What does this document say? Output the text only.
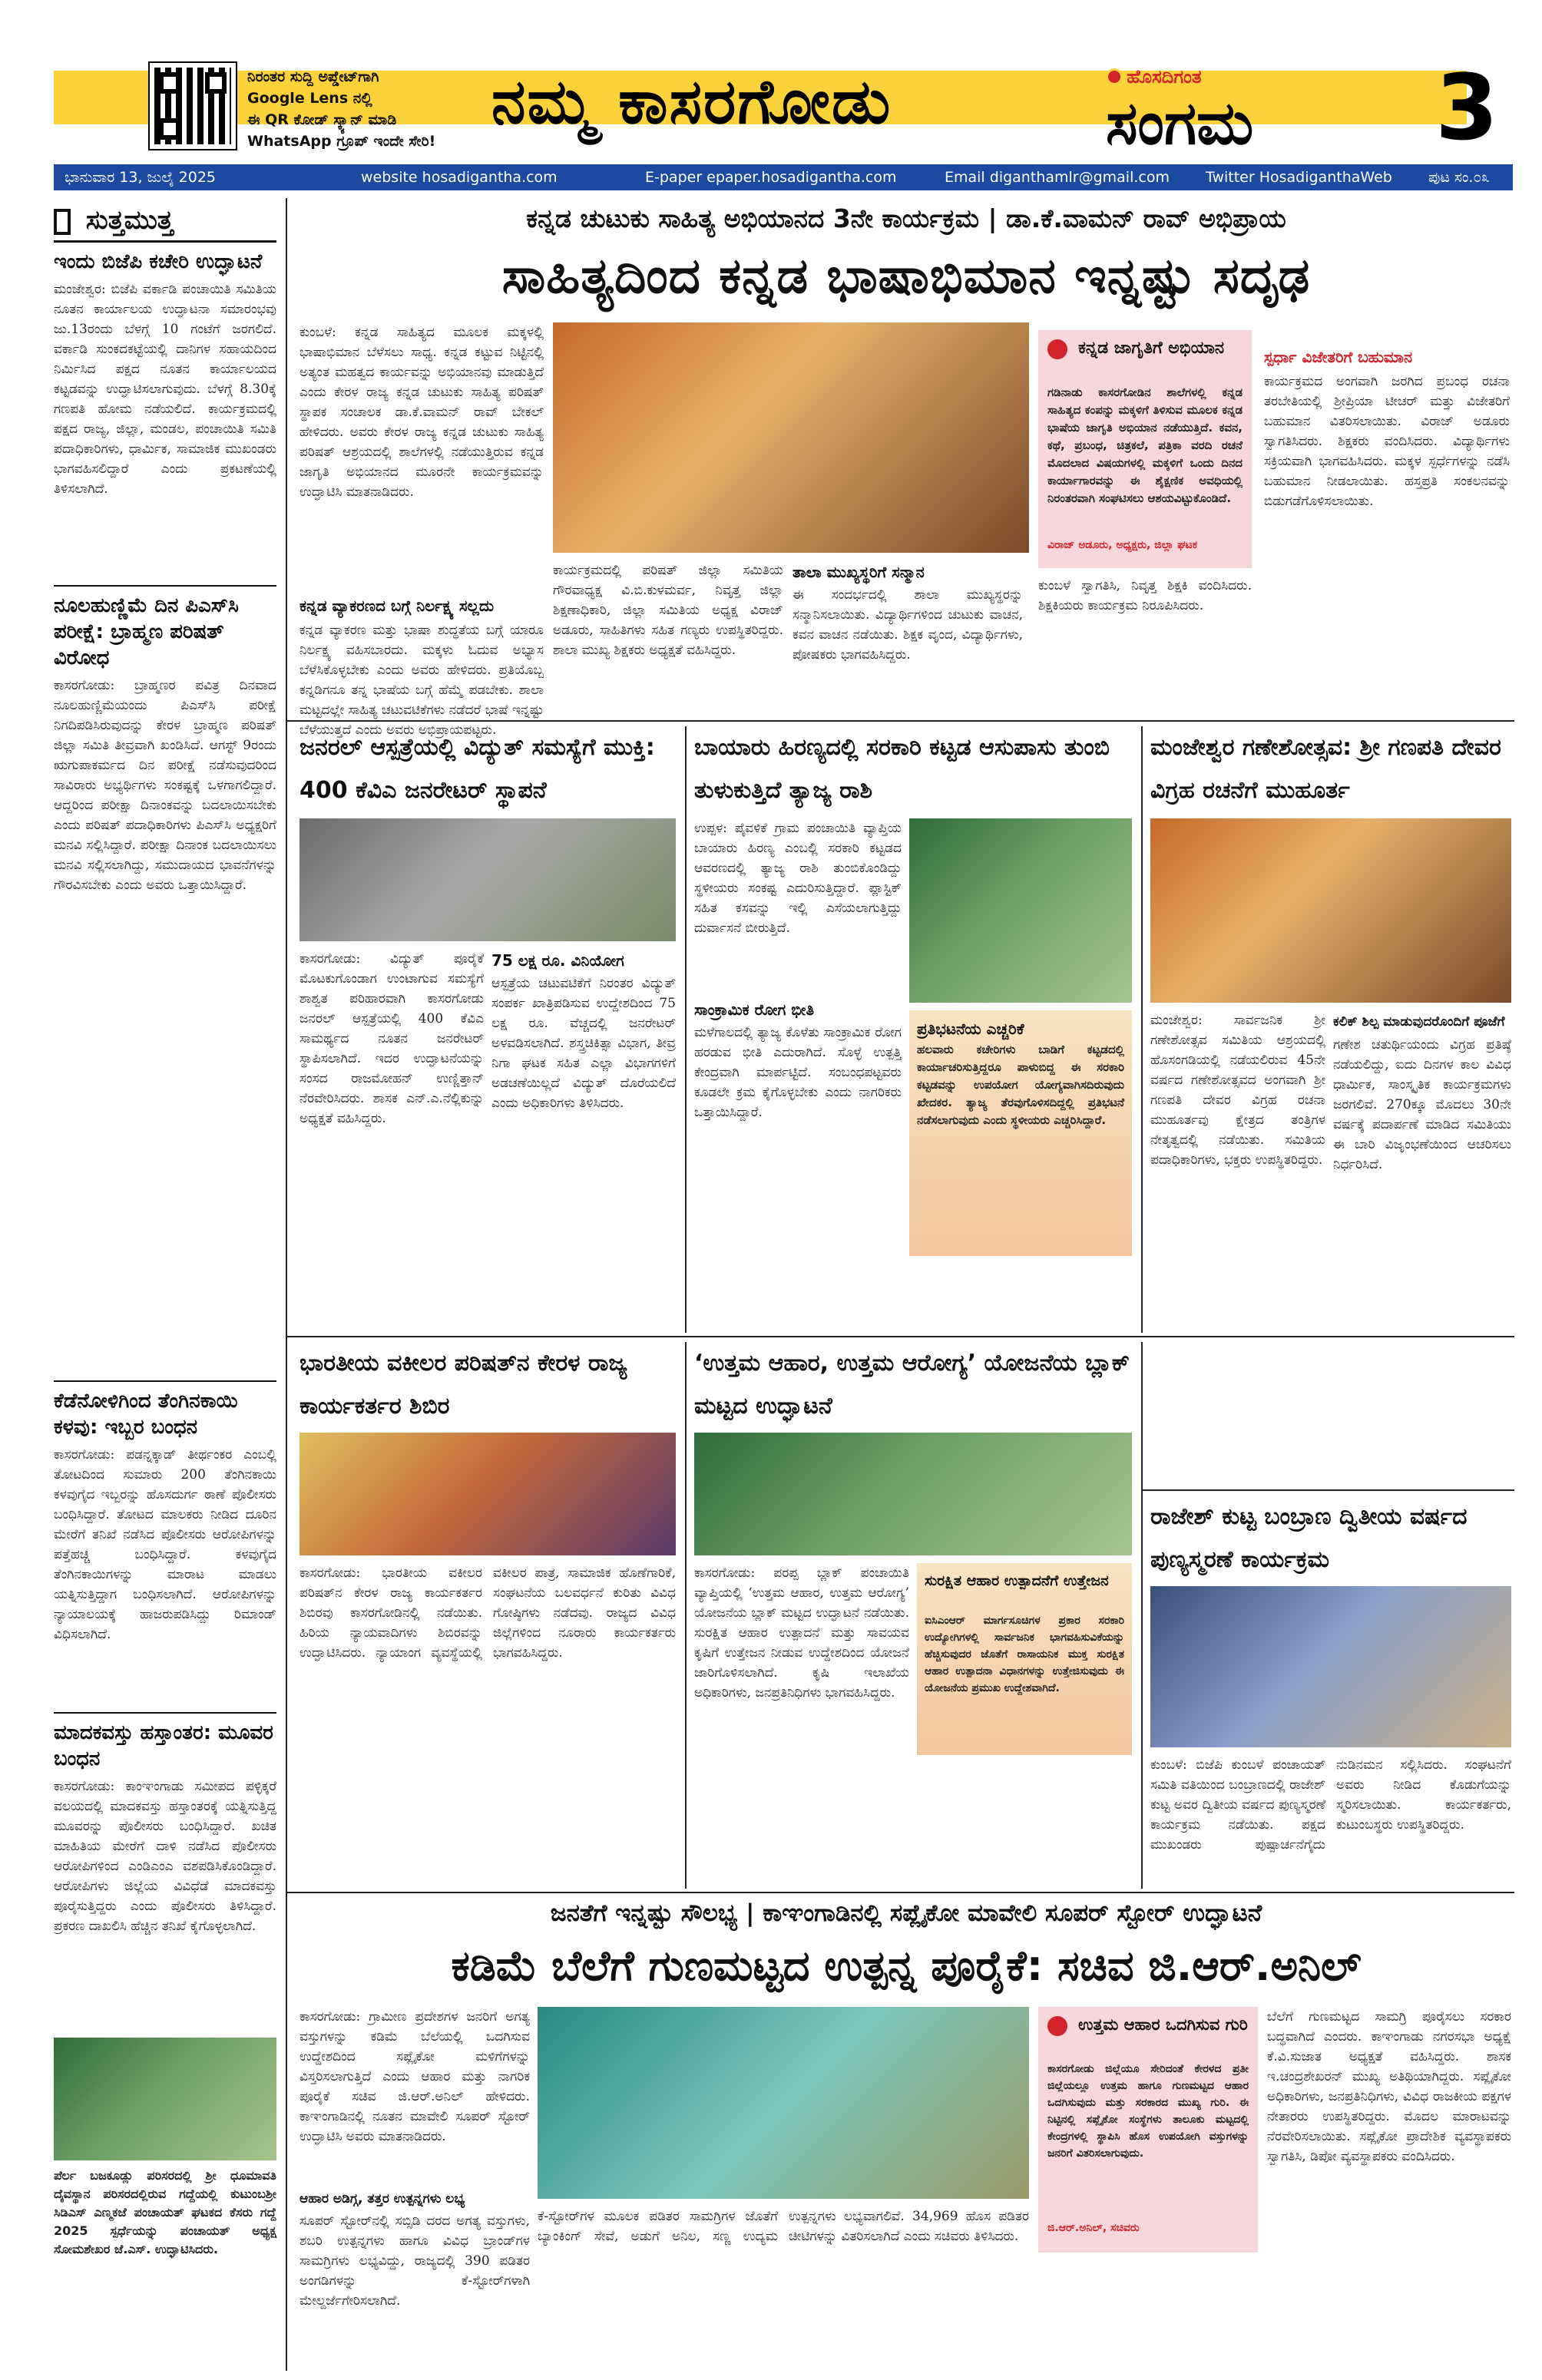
ನಿರಂತರ ಸುದ್ದಿ ಅಪ್ಡೇಟ್‌ಗಾಗಿ
Google Lens ನಲ್ಲಿ
ಈ QR ಕೋಡ್ ಸ್ಕ್ಯಾನ್ ಮಾಡಿ
WhatsApp ಗ್ರೂಪ್ ಇಂದೇ ಸೇರಿ!
ನಮ್ಮ ಕಾಸರಗೋಡು	ಹೊಸದಿಗಂತ
ಸಂಗಮ	3
ಭಾನುವಾರ 13, ಜುಲೈ 2025	website hosadigantha.com	E-paper epaper.hosadigantha.com	Email diganthamlr@gmail.com Twitter HosadiganthaWeb ಪುಟ ಸಂ.೦೩
ಸುತ್ತಮುತ್ತ
ಇಂದು ಬಿಜೆಪಿ ಕಚೇರಿ ಉದ್ಘಾಟನೆ
ಮಂಜೇಶ್ವರ: ಬಿಜೆಪಿ ವರ್ಕಾಡಿ ಪಂಚಾಯಿತಿ ಸಮಿತಿಯ ನೂತನ ಕಾರ್ಯಾಲಯ ಉದ್ಘಾಟನಾ ಸಮಾರಂಭವು ಜು.13ರಂದು ಬೆಳಗ್ಗೆ 10 ಗಂಟೆಗೆ ಜರಗಲಿದೆ. ವರ್ಕಾಡಿ ಸುಂಕದಕಟ್ಟೆಯಲ್ಲಿ ದಾನಿಗಳ ಸಹಾಯದಿಂದ ನಿರ್ಮಿಸಿದ ಪಕ್ಷದ ನೂತನ ಕಾರ್ಯಾಲಯದ ಕಟ್ಟಡವನ್ನು ಉದ್ಘಾಟಿಸಲಾಗುವುದು. ಬೆಳಗ್ಗೆ 8.30ಕ್ಕೆ ಗಣಪತಿ ಹೋಮ ನಡೆಯಲಿದೆ. ಕಾರ್ಯಕ್ರಮದಲ್ಲಿ ಪಕ್ಷದ ರಾಜ್ಯ, ಜಿಲ್ಲಾ, ಮಂಡಲ, ಪಂಚಾಯಿತಿ ಸಮಿತಿ ಪದಾಧಿಕಾರಿಗಳು, ಧಾರ್ಮಿಕ, ಸಾಮಾಜಿಕ ಮುಖಂಡರು ಭಾಗವಹಿಸಲಿದ್ದಾರೆ ಎಂದು ಪ್ರಕಟಣೆಯಲ್ಲಿ ತಿಳಿಸಲಾಗಿದೆ.
ನೂಲಹುಣ್ಣಿಮೆ ದಿನ ಪಿಎಸ್‌ಸಿ ಪರೀಕ್ಷೆ: ಬ್ರಾಹ್ಮಣ ಪರಿಷತ್ ವಿರೋಧ
ಕಾಸರಗೋಡು: ಬ್ರಾಹ್ಮಣರ ಪವಿತ್ರ ದಿನವಾದ ನೂಲಹುಣ್ಣಿಮೆಯಂದು ಪಿಎಸ್‌ಸಿ ಪರೀಕ್ಷೆ ನಿಗದಿಪಡಿಸಿರುವುದನ್ನು ಕೇರಳ ಬ್ರಾಹ್ಮಣ ಪರಿಷತ್ ಜಿಲ್ಲಾ ಸಮಿತಿ ತೀವ್ರವಾಗಿ ಖಂಡಿಸಿದೆ. ಆಗಸ್ಟ್ 9ರಂದು ಋಗುಪಾಕರ್ಮದ ದಿನ ಪರೀಕ್ಷೆ ನಡೆಸುವುದರಿಂದ ಸಾವಿರಾರು ಅಭ್ಯರ್ಥಿಗಳು ಸಂಕಷ್ಟಕ್ಕೆ ಒಳಗಾಗಲಿದ್ದಾರೆ. ಆದ್ದರಿಂದ ಪರೀಕ್ಷಾ ದಿನಾಂಕವನ್ನು ಬದಲಾಯಿಸಬೇಕು ಎಂದು ಪರಿಷತ್ ಪದಾಧಿಕಾರಿಗಳು ಪಿಎಸ್‌ಸಿ ಅಧ್ಯಕ್ಷರಿಗೆ ಮನವಿ ಸಲ್ಲಿಸಿದ್ದಾರೆ. ಪರೀಕ್ಷಾ ದಿನಾಂಕ ಬದಲಾಯಿಸಲು ಮನವಿ ಸಲ್ಲಿಸಲಾಗಿದ್ದು, ಸಮುದಾಯದ ಭಾವನೆಗಳನ್ನು ಗೌರವಿಸಬೇಕು ಎಂದು ಅವರು ಒತ್ತಾಯಿಸಿದ್ದಾರೆ.
ಕೆಡೆನೋಳಿಗಿಂದ ತೆಂಗಿನಕಾಯಿ ಕಳವು: ಇಬ್ಬರ ಬಂಧನ
ಕಾಸರಗೋಡು: ಪಡನ್ನಕ್ಕಾಡ್ ತೀರ್ಥಂಕರ ಎಂಬಲ್ಲಿ ತೋಟದಿಂದ ಸುಮಾರು 200 ತೆಂಗಿನಕಾಯಿ ಕಳವುಗೈದ ಇಬ್ಬರನ್ನು ಹೊಸದುರ್ಗ ಠಾಣೆ ಪೊಲೀಸರು ಬಂಧಿಸಿದ್ದಾರೆ. ತೋಟದ ಮಾಲಕರು ನೀಡಿದ ದೂರಿನ ಮೇರೆಗೆ ತನಿಖೆ ನಡೆಸಿದ ಪೊಲೀಸರು ಆರೋಪಿಗಳನ್ನು ಪತ್ತೆಹಚ್ಚಿ ಬಂಧಿಸಿದ್ದಾರೆ. ಕಳವುಗೈದ ತೆಂಗಿನಕಾಯಿಗಳನ್ನು ಮಾರಾಟ ಮಾಡಲು ಯತ್ನಿಸುತ್ತಿದ್ದಾಗ ಬಂಧಿಸಲಾಗಿದೆ. ಆರೋಪಿಗಳನ್ನು ನ್ಯಾಯಾಲಯಕ್ಕೆ ಹಾಜರುಪಡಿಸಿದ್ದು ರಿಮಾಂಡ್ ವಿಧಿಸಲಾಗಿದೆ.
ಮಾದಕವಸ್ತು ಹಸ್ತಾಂತರ: ಮೂವರ ಬಂಧನ
ಕಾಸರಗೋಡು: ಕಾಂಞಂಗಾಡು ಸಮೀಪದ ಪಳ್ಳಿಕ್ಕರೆ ವಲಯದಲ್ಲಿ ಮಾದಕವಸ್ತು ಹಸ್ತಾಂತರಕ್ಕೆ ಯತ್ನಿಸುತ್ತಿದ್ದ ಮೂವರನ್ನು ಪೊಲೀಸರು ಬಂಧಿಸಿದ್ದಾರೆ. ಖಚಿತ ಮಾಹಿತಿಯ ಮೇರೆಗೆ ದಾಳಿ ನಡೆಸಿದ ಪೊಲೀಸರು ಆರೋಪಿಗಳಿಂದ ಎಂಡಿಎಂಎ ವಶಪಡಿಸಿಕೊಂಡಿದ್ದಾರೆ. ಆರೋಪಿಗಳು ಜಿಲ್ಲೆಯ ವಿವಿಧೆಡೆ ಮಾದಕವಸ್ತು ಪೂರೈಸುತ್ತಿದ್ದರು ಎಂದು ಪೊಲೀಸರು ತಿಳಿಸಿದ್ದಾರೆ. ಪ್ರಕರಣ ದಾಖಲಿಸಿ ಹೆಚ್ಚಿನ ತನಿಖೆ ಕೈಗೊಳ್ಳಲಾಗಿದೆ.
ಪೆರ್ಲ ಬಜಕೂಡ್ಲು ಪರಿಸರದಲ್ಲಿ ಶ್ರೀ ಧೂಮಾವತಿ ದೈವಸ್ಥಾನ ಪರಿಸರದಲ್ಲಿರುವ ಗದ್ದೆಯಲ್ಲಿ ಕುಟುಂಬಶ್ರೀ ಸಿಡಿಎಸ್ ಎಣ್ಮಕಜೆ ಪಂಚಾಯತ್ ಘಟಕದ ಕೆಸರು ಗದ್ದೆ 2025 ಸ್ಪರ್ಧೆಯನ್ನು ಪಂಚಾಯತ್ ಅಧ್ಯಕ್ಷ ಸೋಮಶೇಖರ ಜೆ.ಎಸ್. ಉದ್ಘಾಟಿಸಿದರು.
ಕನ್ನಡ ಚುಟುಕು ಸಾಹಿತ್ಯ ಅಭಿಯಾನದ 3ನೇ ಕಾರ್ಯಕ್ರಮ | ಡಾ.ಕೆ.ವಾಮನ್ ರಾವ್ ಅಭಿಪ್ರಾಯ
ಸಾಹಿತ್ಯದಿಂದ ಕನ್ನಡ ಭಾಷಾಭಿಮಾನ ಇನ್ನಷ್ಟು ಸದೃಢ
ಕುಂಬಳೆ: ಕನ್ನಡ ಸಾಹಿತ್ಯದ ಮೂಲಕ ಮಕ್ಕಳಲ್ಲಿ ಭಾಷಾಭಿಮಾನ ಬೆಳೆಸಲು ಸಾಧ್ಯ. ಕನ್ನಡ ಕಟ್ಟುವ ನಿಟ್ಟಿನಲ್ಲಿ ಅತ್ಯಂತ ಮಹತ್ವದ ಕಾರ್ಯವನ್ನು ಅಭಿಯಾನವು ಮಾಡುತ್ತಿದೆ ಎಂದು ಕೇರಳ ರಾಜ್ಯ ಕನ್ನಡ ಚುಟುಕು ಸಾಹಿತ್ಯ ಪರಿಷತ್ ಸ್ಥಾಪಕ ಸಂಚಾಲಕ ಡಾ.ಕೆ.ವಾಮನ್ ರಾವ್ ಬೇಕಲ್ ಹೇಳಿದರು. ಅವರು ಕೇರಳ ರಾಜ್ಯ ಕನ್ನಡ ಚುಟುಕು ಸಾಹಿತ್ಯ ಪರಿಷತ್ ಆಶ್ರಯದಲ್ಲಿ ಶಾಲೆಗಳಲ್ಲಿ ನಡೆಯುತ್ತಿರುವ ಕನ್ನಡ ಜಾಗೃತಿ ಅಭಿಯಾನದ ಮೂರನೇ ಕಾರ್ಯಕ್ರಮವನ್ನು ಉದ್ಘಾಟಿಸಿ ಮಾತನಾಡಿದರು.
ಕನ್ನಡ ವ್ಯಾಕರಣದ ಬಗ್ಗೆ ನಿರ್ಲಕ್ಷ್ಯ ಸಲ್ಲದು
ಕನ್ನಡ ವ್ಯಾಕರಣ ಮತ್ತು ಭಾಷಾ ಶುದ್ಧತೆಯ ಬಗ್ಗೆ ಯಾರೂ ನಿರ್ಲಕ್ಷ್ಯ ವಹಿಸಬಾರದು. ಮಕ್ಕಳು ಓದುವ ಅಭ್ಯಾಸ ಬೆಳೆಸಿಕೊಳ್ಳಬೇಕು ಎಂದು ಅವರು ಹೇಳಿದರು. ಪ್ರತಿಯೊಬ್ಬ ಕನ್ನಡಿಗನೂ ತನ್ನ ಭಾಷೆಯ ಬಗ್ಗೆ ಹೆಮ್ಮೆ ಪಡಬೇಕು. ಶಾಲಾ ಮಟ್ಟದಲ್ಲೇ ಸಾಹಿತ್ಯ ಚಟುವಟಿಕೆಗಳು ನಡೆದರೆ ಭಾಷೆ ಇನ್ನಷ್ಟು ಬೆಳೆಯುತ್ತದೆ ಎಂದು ಅವರು ಅಭಿಪ್ರಾಯಪಟ್ಟರು.
ಕಾರ್ಯಕ್ರಮದಲ್ಲಿ ಪರಿಷತ್ ಜಿಲ್ಲಾ ಸಮಿತಿಯ ಗೌರವಾಧ್ಯಕ್ಷ ವಿ.ಬಿ.ಕುಳಮರ್ವ, ನಿವೃತ್ತ ಜಿಲ್ಲಾ ಶಿಕ್ಷಣಾಧಿಕಾರಿ, ಜಿಲ್ಲಾ ಸಮಿತಿಯ ಅಧ್ಯಕ್ಷ ವಿರಾಜ್ ಅಡೂರು, ಸಾಹಿತಿಗಳು ಸಹಿತ ಗಣ್ಯರು ಉಪಸ್ಥಿತರಿದ್ದರು. ಶಾಲಾ ಮುಖ್ಯ ಶಿಕ್ಷಕರು ಅಧ್ಯಕ್ಷತೆ ವಹಿಸಿದ್ದರು.
ತಾಲಾ ಮುಖ್ಯಸ್ಥರಿಗೆ ಸನ್ಮಾನ
ಈ ಸಂದರ್ಭದಲ್ಲಿ ಶಾಲಾ ಮುಖ್ಯಸ್ಥರನ್ನು ಸನ್ಮಾನಿಸಲಾಯಿತು. ವಿದ್ಯಾರ್ಥಿಗಳಿಂದ ಚುಟುಕು ವಾಚನ, ಕವನ ವಾಚನ ನಡೆಯಿತು. ಶಿಕ್ಷಕ ವೃಂದ, ವಿದ್ಯಾರ್ಥಿಗಳು, ಪೋಷಕರು ಭಾಗವಹಿಸಿದ್ದರು.
ಕನ್ನಡ ಜಾಗೃತಿಗೆ ಅಭಿಯಾನ
ಗಡಿನಾಡು ಕಾಸರಗೋಡಿನ ಶಾಲೆಗಳಲ್ಲಿ ಕನ್ನಡ ಸಾಹಿತ್ಯದ ಕಂಪನ್ನು ಮಕ್ಕಳಿಗೆ ತಿಳಿಸುವ ಮೂಲಕ ಕನ್ನಡ ಭಾಷೆಯ ಜಾಗೃತಿ ಅಭಿಯಾನ ನಡೆಯುತ್ತಿದೆ. ಕವನ, ಕಥೆ, ಪ್ರಬಂಧ, ಚಿತ್ರಕಲೆ, ಪತ್ರಿಕಾ ವರದಿ ರಚನೆ ಮೊದಲಾದ ವಿಷಯಗಳಲ್ಲಿ ಮಕ್ಕಳಿಗೆ ಒಂದು ದಿನದ ಕಾರ್ಯಾಗಾರವನ್ನು ಈ ಶೈಕ್ಷಣಿಕ ಅವಧಿಯಲ್ಲಿ ನಿರಂತರವಾಗಿ ಸಂಘಟಿಸಲು ಆಶಯವಿಟ್ಟುಕೊಂಡಿದೆ.
ವಿರಾಜ್ ಅಡೂರು, ಅಧ್ಯಕ್ಷರು, ಜಿಲ್ಲಾ ಘಟಕ
ಕುಂಬಳೆ ಸ್ವಾಗತಿಸಿ, ನಿವೃತ್ತ ಶಿಕ್ಷಕಿ ವಂದಿಸಿದರು. ಶಿಕ್ಷಕಿಯರು ಕಾರ್ಯಕ್ರಮ ನಿರೂಪಿಸಿದರು.
ಸ್ಪರ್ಧಾ ವಿಜೇತರಿಗೆ ಬಹುಮಾನ
ಕಾರ್ಯಕ್ರಮದ ಅಂಗವಾಗಿ ಜರಗಿದ ಪ್ರಬಂಧ ರಚನಾ ತರಬೇತಿಯಲ್ಲಿ ಶ್ರೀಪ್ರಿಯಾ ಟೀಚರ್ ಮತ್ತು ವಿಜೇತರಿಗೆ ಬಹುಮಾನ ವಿತರಿಸಲಾಯಿತು. ವಿರಾಜ್ ಅಡೂರು ಸ್ವಾಗತಿಸಿದರು. ಶಿಕ್ಷಕರು ವಂದಿಸಿದರು. ವಿದ್ಯಾರ್ಥಿಗಳು ಸಕ್ರಿಯವಾಗಿ ಭಾಗವಹಿಸಿದರು. ಮಕ್ಕಳ ಸ್ಪರ್ಧೆಗಳನ್ನು ನಡೆಸಿ ಬಹುಮಾನ ನೀಡಲಾಯಿತು. ಹಸ್ತಪ್ರತಿ ಸಂಕಲನವನ್ನು ಬಿಡುಗಡೆಗೊಳಿಸಲಾಯಿತು.
ಜನರಲ್ ಆಸ್ಪತ್ರೆಯಲ್ಲಿ ವಿದ್ಯುತ್ ಸಮಸ್ಯೆಗೆ ಮುಕ್ತಿ: 400 ಕೆವಿಎ ಜನರೇಟರ್ ಸ್ಥಾಪನೆ
ಕಾಸರಗೋಡು: ವಿದ್ಯುತ್ ಪೂರೈಕೆ ಮೊಟಕುಗೊಂಡಾಗ ಉಂಟಾಗುವ ಸಮಸ್ಯೆಗೆ ಶಾಶ್ವತ ಪರಿಹಾರವಾಗಿ ಕಾಸರಗೋಡು ಜನರಲ್ ಆಸ್ಪತ್ರೆಯಲ್ಲಿ 400 ಕೆವಿಎ ಸಾಮರ್ಥ್ಯದ ನೂತನ ಜನರೇಟರ್ ಸ್ಥಾಪಿಸಲಾಗಿದೆ. ಇದರ ಉದ್ಘಾಟನೆಯನ್ನು ಸಂಸದ ರಾಜಮೋಹನ್ ಉಣ್ಣಿತ್ತಾನ್ ನೆರವೇರಿಸಿದರು. ಶಾಸಕ ಎನ್.ಎ.ನೆಲ್ಲಿಕುನ್ನು ಅಧ್ಯಕ್ಷತೆ ವಹಿಸಿದ್ದರು.
75 ಲಕ್ಷ ರೂ. ವಿನಿಯೋಗ
ಆಸ್ಪತ್ರೆಯ ಚಟುವಟಿಕೆಗೆ ನಿರಂತರ ವಿದ್ಯುತ್ ಸಂಪರ್ಕ ಖಾತ್ರಿಪಡಿಸುವ ಉದ್ದೇಶದಿಂದ 75 ಲಕ್ಷ ರೂ. ವೆಚ್ಚದಲ್ಲಿ ಜನರೇಟರ್ ಅಳವಡಿಸಲಾಗಿದೆ. ಶಸ್ತ್ರಚಿಕಿತ್ಸಾ ವಿಭಾಗ, ತೀವ್ರ ನಿಗಾ ಘಟಕ ಸಹಿತ ಎಲ್ಲಾ ವಿಭಾಗಗಳಿಗೆ ಅಡಚಣೆಯಿಲ್ಲದೆ ವಿದ್ಯುತ್ ದೊರೆಯಲಿದೆ ಎಂದು ಅಧಿಕಾರಿಗಳು ತಿಳಿಸಿದರು.
ಬಾಯಾರು ಹಿರಣ್ಯದಲ್ಲಿ ಸರಕಾರಿ ಕಟ್ಟಡ ಆಸುಪಾಸು ತುಂಬಿ ತುಳುಕುತ್ತಿದೆ ತ್ಯಾಜ್ಯ ರಾಶಿ
ಉಪ್ಪಳ: ಪೈವಳಿಕೆ ಗ್ರಾಮ ಪಂಚಾಯಿತಿ ವ್ಯಾಪ್ತಿಯ ಬಾಯಾರು ಹಿರಣ್ಯ ಎಂಬಲ್ಲಿ ಸರಕಾರಿ ಕಟ್ಟಡದ ಆವರಣದಲ್ಲಿ ತ್ಯಾಜ್ಯ ರಾಶಿ ತುಂಬಿಕೊಂಡಿದ್ದು ಸ್ಥಳೀಯರು ಸಂಕಷ್ಟ ಎದುರಿಸುತ್ತಿದ್ದಾರೆ. ಪ್ಲಾಸ್ಟಿಕ್ ಸಹಿತ ಕಸವನ್ನು ಇಲ್ಲಿ ಎಸೆಯಲಾಗುತ್ತಿದ್ದು ದುರ್ವಾಸನೆ ಬೀರುತ್ತಿದೆ.
ಸಾಂಕ್ರಾಮಿಕ ರೋಗ ಭೀತಿ
ಮಳೆಗಾಲದಲ್ಲಿ ತ್ಯಾಜ್ಯ ಕೊಳೆತು ಸಾಂಕ್ರಾಮಿಕ ರೋಗ ಹರಡುವ ಭೀತಿ ಎದುರಾಗಿದೆ. ಸೊಳ್ಳೆ ಉತ್ಪತ್ತಿ ಕೇಂದ್ರವಾಗಿ ಮಾರ್ಪಟ್ಟಿದೆ. ಸಂಬಂಧಪಟ್ಟವರು ಕೂಡಲೇ ಕ್ರಮ ಕೈಗೊಳ್ಳಬೇಕು ಎಂದು ನಾಗರಿಕರು ಒತ್ತಾಯಿಸಿದ್ದಾರೆ.
ಪ್ರತಿಭಟನೆಯ ಎಚ್ಚರಿಕೆ
ಹಲವಾರು ಕಚೇರಿಗಳು ಬಾಡಿಗೆ ಕಟ್ಟಡದಲ್ಲಿ ಕಾರ್ಯಾಚರಿಸುತ್ತಿದ್ದರೂ ಪಾಳುಬಿದ್ದ ಈ ಸರಕಾರಿ ಕಟ್ಟಡವನ್ನು ಉಪಯೋಗ ಯೋಗ್ಯವಾಗಿಸದಿರುವುದು ಖೇದಕರ. ತ್ಯಾಜ್ಯ ತೆರವುಗೊಳಿಸದಿದ್ದಲ್ಲಿ ಪ್ರತಿಭಟನೆ ನಡೆಸಲಾಗುವುದು ಎಂದು ಸ್ಥಳೀಯರು ಎಚ್ಚರಿಸಿದ್ದಾರೆ.
ಮಂಜೇಶ್ವರ ಗಣೇಶೋತ್ಸವ: ಶ್ರೀ ಗಣಪತಿ ದೇವರ ವಿಗ್ರಹ ರಚನೆಗೆ ಮುಹೂರ್ತ
ಮಂಜೇಶ್ವರ: ಸಾರ್ವಜನಿಕ ಶ್ರೀ ಗಣೇಶೋತ್ಸವ ಸಮಿತಿಯ ಆಶ್ರಯದಲ್ಲಿ ಹೊಸಂಗಡಿಯಲ್ಲಿ ನಡೆಯಲಿರುವ 45ನೇ ವರ್ಷದ ಗಣೇಶೋತ್ಸವದ ಅಂಗವಾಗಿ ಶ್ರೀ ಗಣಪತಿ ದೇವರ ವಿಗ್ರಹ ರಚನಾ ಮುಹೂರ್ತವು ಕ್ಷೇತ್ರದ ತಂತ್ರಿಗಳ ನೇತೃತ್ವದಲ್ಲಿ ನಡೆಯಿತು. ಸಮಿತಿಯ ಪದಾಧಿಕಾರಿಗಳು, ಭಕ್ತರು ಉಪಸ್ಥಿತರಿದ್ದರು.
ಕಲಿಕ್‌ ಶಿಲ್ಪ ಮಾಡುವುದರೊಂದಿಗೆ ಪೂಜೆಗೆ
ಗಣೇಶ ಚತುರ್ಥಿಯಂದು ವಿಗ್ರಹ ಪ್ರತಿಷ್ಠೆ ನಡೆಯಲಿದ್ದು, ಐದು ದಿನಗಳ ಕಾಲ ವಿವಿಧ ಧಾರ್ಮಿಕ, ಸಾಂಸ್ಕೃತಿಕ ಕಾರ್ಯಕ್ರಮಗಳು ಜರಗಲಿವೆ. 270ಕ್ಕೂ ಮೊದಲು 30ನೇ ವರ್ಷಕ್ಕೆ ಪದಾರ್ಪಣೆ ಮಾಡಿದ ಸಮಿತಿಯು ಈ ಬಾರಿ ವಿಜೃಂಭಣೆಯಿಂದ ಆಚರಿಸಲು ನಿರ್ಧರಿಸಿದೆ.
ಭಾರತೀಯ ವಕೀಲರ ಪರಿಷತ್‌ನ ಕೇರಳ ರಾಜ್ಯ ಕಾರ್ಯಕರ್ತರ ಶಿಬಿರ
ಕಾಸರಗೋಡು: ಭಾರತೀಯ ವಕೀಲರ ಪರಿಷತ್‌ನ ಕೇರಳ ರಾಜ್ಯ ಕಾರ್ಯಕರ್ತರ ಶಿಬಿರವು ಕಾಸರಗೋಡಿನಲ್ಲಿ ನಡೆಯಿತು. ಹಿರಿಯ ನ್ಯಾಯವಾದಿಗಳು ಶಿಬಿರವನ್ನು ಉದ್ಘಾಟಿಸಿದರು. ನ್ಯಾಯಾಂಗ ವ್ಯವಸ್ಥೆಯಲ್ಲಿ ವಕೀಲರ ಪಾತ್ರ, ಸಾಮಾಜಿಕ ಹೊಣೆಗಾರಿಕೆ, ಸಂಘಟನೆಯ ಬಲವರ್ಧನೆ ಕುರಿತು ವಿವಿಧ ಗೋಷ್ಠಿಗಳು ನಡೆದವು. ರಾಜ್ಯದ ವಿವಿಧ ಜಿಲ್ಲೆಗಳಿಂದ ನೂರಾರು ಕಾರ್ಯಕರ್ತರು ಭಾಗವಹಿಸಿದ್ದರು.
‘ಉತ್ತಮ ಆಹಾರ, ಉತ್ತಮ ಆರೋಗ್ಯ’ ಯೋಜನೆಯ ಬ್ಲಾಕ್ ಮಟ್ಟದ ಉದ್ಘಾಟನೆ
ಕಾಸರಗೋಡು: ಪರಪ್ಪ ಬ್ಲಾಕ್ ಪಂಚಾಯಿತಿ ವ್ಯಾಪ್ತಿಯಲ್ಲಿ ‘ಉತ್ತಮ ಆಹಾರ, ಉತ್ತಮ ಆರೋಗ್ಯ’ ಯೋಜನೆಯ ಬ್ಲಾಕ್ ಮಟ್ಟದ ಉದ್ಘಾಟನೆ ನಡೆಯಿತು. ಸುರಕ್ಷಿತ ಆಹಾರ ಉತ್ಪಾದನೆ ಮತ್ತು ಸಾವಯವ ಕೃಷಿಗೆ ಉತ್ತೇಜನ ನೀಡುವ ಉದ್ದೇಶದಿಂದ ಯೋಜನೆ ಜಾರಿಗೊಳಿಸಲಾಗಿದೆ. ಕೃಷಿ ಇಲಾಖೆಯ ಅಧಿಕಾರಿಗಳು, ಜನಪ್ರತಿನಿಧಿಗಳು ಭಾಗವಹಿಸಿದ್ದರು.
ಸುರಕ್ಷಿತ ಆಹಾರ ಉತ್ಪಾದನೆಗೆ ಉತ್ತೇಜನ
ಐಸಿಎಂಆರ್ ಮಾರ್ಗಸೂಚಿಗಳ ಪ್ರಕಾರ ಸರಕಾರಿ ಉದ್ಯೋಗಿಗಳಲ್ಲಿ ಸಾರ್ವಜನಿಕ ಭಾಗವಹಿಸುವಿಕೆಯನ್ನು ಹೆಚ್ಚಿಸುವುದರ ಜೊತೆಗೆ ರಾಸಾಯನಿಕ ಮುಕ್ತ ಸುರಕ್ಷಿತ ಆಹಾರ ಉತ್ಪಾದನಾ ವಿಧಾನಗಳನ್ನು ಉತ್ತೇಜಿಸುವುದು ಈ ಯೋಜನೆಯ ಪ್ರಮುಖ ಉದ್ದೇಶವಾಗಿದೆ.
ರಾಜೇಶ್ ಕುಟ್ಟ ಬಂಬ್ರಾಣ ದ್ವಿತೀಯ ವರ್ಷದ ಪುಣ್ಯಸ್ಮರಣೆ ಕಾರ್ಯಕ್ರಮ
ಕುಂಬಳೆ: ಬಿಜೆಪಿ ಕುಂಬಳೆ ಪಂಚಾಯತ್ ಸಮಿತಿ ವತಿಯಿಂದ ಬಂಬ್ರಾಣದಲ್ಲಿ ರಾಜೇಶ್ ಕುಟ್ಟ ಅವರ ದ್ವಿತೀಯ ವರ್ಷದ ಪುಣ್ಯಸ್ಮರಣೆ ಕಾರ್ಯಕ್ರಮ ನಡೆಯಿತು. ಪಕ್ಷದ ಮುಖಂಡರು ಪುಷ್ಪಾರ್ಚನೆಗೈದು ನುಡಿನಮನ ಸಲ್ಲಿಸಿದರು. ಸಂಘಟನೆಗೆ ಅವರು ನೀಡಿದ ಕೊಡುಗೆಯನ್ನು ಸ್ಮರಿಸಲಾಯಿತು. ಕಾರ್ಯಕರ್ತರು, ಕುಟುಂಬಸ್ಥರು ಉಪಸ್ಥಿತರಿದ್ದರು.
ಜನತೆಗೆ ಇನ್ನಷ್ಟು ಸೌಲಭ್ಯ | ಕಾಞಂಗಾಡಿನಲ್ಲಿ ಸಪ್ಲೈಕೋ ಮಾವೇಲಿ ಸೂಪರ್ ಸ್ಟೋರ್ ಉದ್ಘಾಟನೆ
ಕಡಿಮೆ ಬೆಲೆಗೆ ಗುಣಮಟ್ಟದ ಉತ್ಪನ್ನ ಪೂರೈಕೆ: ಸಚಿವ ಜಿ.ಆರ್.ಅನಿಲ್
ಕಾಸರಗೋಡು: ಗ್ರಾಮೀಣ ಪ್ರದೇಶಗಳ ಜನರಿಗೆ ಅಗತ್ಯ ವಸ್ತುಗಳನ್ನು ಕಡಿಮೆ ಬೆಲೆಯಲ್ಲಿ ಒದಗಿಸುವ ಉದ್ದೇಶದಿಂದ ಸಪ್ಲೈಕೋ ಮಳಿಗೆಗಳನ್ನು ವಿಸ್ತರಿಸಲಾಗುತ್ತಿದೆ ಎಂದು ಆಹಾರ ಮತ್ತು ನಾಗರಿಕ ಪೂರೈಕೆ ಸಚಿವ ಜಿ.ಆರ್.ಅನಿಲ್ ಹೇಳಿದರು. ಕಾಞಂಗಾಡಿನಲ್ಲಿ ನೂತನ ಮಾವೇಲಿ ಸೂಪರ್ ಸ್ಟೋರ್ ಉದ್ಘಾಟಿಸಿ ಅವರು ಮಾತನಾಡಿದರು.
ಆಹಾರ ಅಡಿಗ್ಗ, ತತ್ತರ ಉತ್ಪನ್ನಗಳು ಲಭ್ಯ
ಸೂಪರ್ ಸ್ಟೋರ್‌ನಲ್ಲಿ ಸಬ್ಸಿಡಿ ದರದ ಅಗತ್ಯ ವಸ್ತುಗಳು, ಶಬರಿ ಉತ್ಪನ್ನಗಳು ಹಾಗೂ ವಿವಿಧ ಬ್ರಾಂಡ್‌ಗಳ ಸಾಮಗ್ರಿಗಳು ಲಭ್ಯವಿದ್ದು, ರಾಜ್ಯದಲ್ಲಿ 390 ಪಡಿತರ ಅಂಗಡಿಗಳನ್ನು ಕೆ-ಸ್ಟೋರ್‌ಗಳಾಗಿ ಮೇಲ್ದರ್ಜೆಗೇರಿಸಲಾಗಿದೆ.
ಕೆ-ಸ್ಟೋರ್‌ಗಳ ಮೂಲಕ ಪಡಿತರ ಸಾಮಗ್ರಿಗಳ ಜೊತೆಗೆ ಬ್ಯಾಂಕಿಂಗ್ ಸೇವೆ, ಅಡುಗೆ ಅನಿಲ, ಸಣ್ಣ ಉದ್ಯಮ ಉತ್ಪನ್ನಗಳು ಲಭ್ಯವಾಗಲಿವೆ. 34,969 ಹೊಸ ಪಡಿತರ ಚೀಟಿಗಳನ್ನು ವಿತರಿಸಲಾಗಿದೆ ಎಂದು ಸಚಿವರು ತಿಳಿಸಿದರು.
ಉತ್ತಮ ಆಹಾರ ಒದಗಿಸುವ ಗುರಿ
ಕಾಸರಗೋಡು ಜಿಲ್ಲೆಯೂ ಸೇರಿದಂತೆ ಕೇರಳದ ಪ್ರತೀ ಜಿಲ್ಲೆಯಲ್ಲೂ ಉತ್ತಮ ಹಾಗೂ ಗುಣಮಟ್ಟದ ಆಹಾರ ಒದಗಿಸುವುದು ಮತ್ತು ಸರಕಾರದ ಮುಖ್ಯ ಗುರಿ. ಈ ನಿಟ್ಟಿನಲ್ಲಿ ಸಪ್ಲೈಕೋ ಸಂಸ್ಥೆಗಳು ತಾಲೂಕು ಮಟ್ಟದಲ್ಲಿ ಕೇಂದ್ರಗಳಲ್ಲಿ ಸ್ಥಾಪಿಸಿ ಹೊಸ ಉಪಯೋಗಿ ವಸ್ತುಗಳನ್ನು ಜನರಿಗೆ ವಿತರಿಸಲಾಗುವುದು.
ಜಿ.ಆರ್.ಅನಿಲ್, ಸಚಿವರು
ಬೆಲೆಗೆ ಗುಣಮಟ್ಟದ ಸಾಮಗ್ರಿ ಪೂರೈಸಲು ಸರಕಾರ ಬದ್ಧವಾಗಿದೆ ಎಂದರು. ಕಾಞಂಗಾಡು ನಗರಸಭಾ ಅಧ್ಯಕ್ಷೆ ಕೆ.ವಿ.ಸುಜಾತ ಅಧ್ಯಕ್ಷತೆ ವಹಿಸಿದ್ದರು. ಶಾಸಕ ಇ.ಚಂದ್ರಶೇಖರನ್ ಮುಖ್ಯ ಅತಿಥಿಯಾಗಿದ್ದರು. ಸಪ್ಲೈಕೋ ಅಧಿಕಾರಿಗಳು, ಜನಪ್ರತಿನಿಧಿಗಳು, ವಿವಿಧ ರಾಜಕೀಯ ಪಕ್ಷಗಳ ನೇತಾರರು ಉಪಸ್ಥಿತರಿದ್ದರು. ಮೊದಲ ಮಾರಾಟವನ್ನು ನೆರವೇರಿಸಲಾಯಿತು. ಸಪ್ಲೈಕೋ ಪ್ರಾದೇಶಿಕ ವ್ಯವಸ್ಥಾಪಕರು ಸ್ವಾಗತಿಸಿ, ಡಿಪೋ ವ್ಯವಸ್ಥಾಪಕರು ವಂದಿಸಿದರು.
